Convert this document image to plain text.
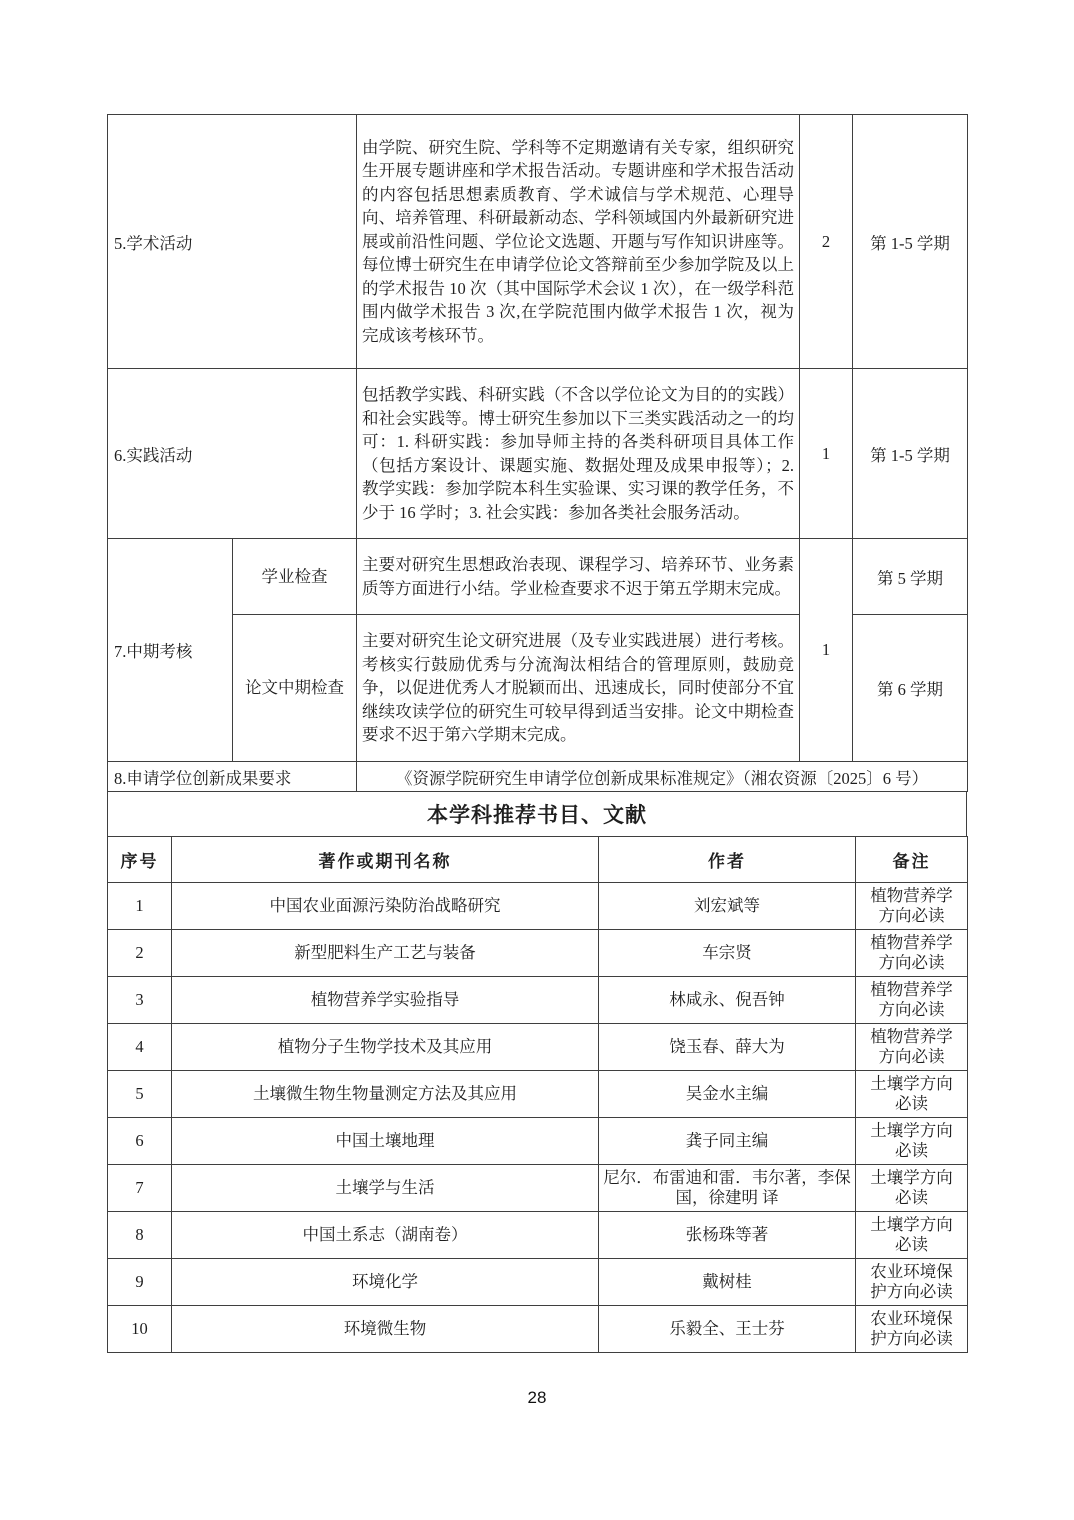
5.学术活动		由学院、研究生院、学科等不定期邀请有关专家，组织研究生开展专题讲座和学术报告活动。专题讲座和学术报告活动的内容包括思想素质教育、学术诚信与学术规范、心理导向、培养管理、科研最新动态、学科领域国内外最新研究进展或前沿性问题、学位论文选题、开题与写作知识讲座等。每位博士研究生在申请学位论文答辩前至少参加学院及以上的学术报告 10 次（其中国际学术会议 1 次），在一级学科范围内做学术报告 3 次,在学院范围内做学术报告 1 次，视为完成该考核环节。	2	第 1-5 学期
6.实践活动		包括教学实践、科研实践（不含以学位论文为目的的实践）和社会实践等。博士研究生参加以下三类实践活动之一的均可：1. 科研实践：参加导师主持的各类科研项目具体工作（包括方案设计、课题实施、数据处理及成果申报等）；2. 教学实践：参加学院本科生实验课、实习课的教学任务，不少于 16 学时；3. 社会实践：参加各类社会服务活动。	1	第 1-5 学期
7.中期考核	学业检查	主要对研究生思想政治表现、课程学习、培养环节、业务素质等方面进行小结。学业检查要求不迟于第五学期末完成。	1	第 5 学期
	论文中期检查	主要对研究生论文研究进展（及专业实践进展）进行考核。考核实行鼓励优秀与分流淘汰相结合的管理原则，鼓励竞争，以促进优秀人才脱颖而出、迅速成长，同时使部分不宜继续攻读学位的研究生可较早得到适当安排。论文中期检查要求不迟于第六学期末完成。		第 6 学期
8.申请学位创新成果要求		《资源学院研究生申请学位创新成果标准规定》（湘农资源〔2025〕6 号）		
本学科推荐书目、文献
序号	著作或期刊名称	作者	备注
1	中国农业面源污染防治战略研究	刘宏斌等	植物营养学方向必读
2	新型肥料生产工艺与装备	车宗贤	植物营养学方向必读
3	植物营养学实验指导	林咸永、倪吾钟	植物营养学方向必读
4	植物分子生物学技术及其应用	饶玉春、薛大为	植物营养学方向必读
5	土壤微生物生物量测定方法及其应用	吴金水主编	土壤学方向必读
6	中国土壤地理	龚子同主编	土壤学方向必读
7	土壤学与生活	尼尔．布雷迪和雷．韦尔著，李保国，徐建明 译	土壤学方向必读
8	中国土系志（湖南卷）	张杨珠等著	土壤学方向必读
9	环境化学	戴树桂	农业环境保护方向必读
10	环境微生物	乐毅全、王士芬	农业环境保护方向必读
28
